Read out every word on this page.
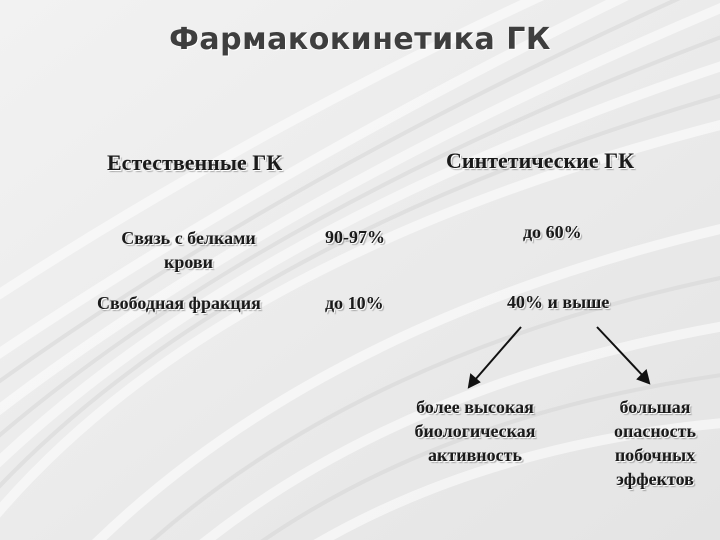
Фармакокинетика ГК
Естественные ГК	Синтетические ГК
Связь с белками
крови
90-97%	до 60%
Свободная фракция	до 10%	40% и выше
более высокая
биологическая
активность
большая
опасность
побочных
эффектов
